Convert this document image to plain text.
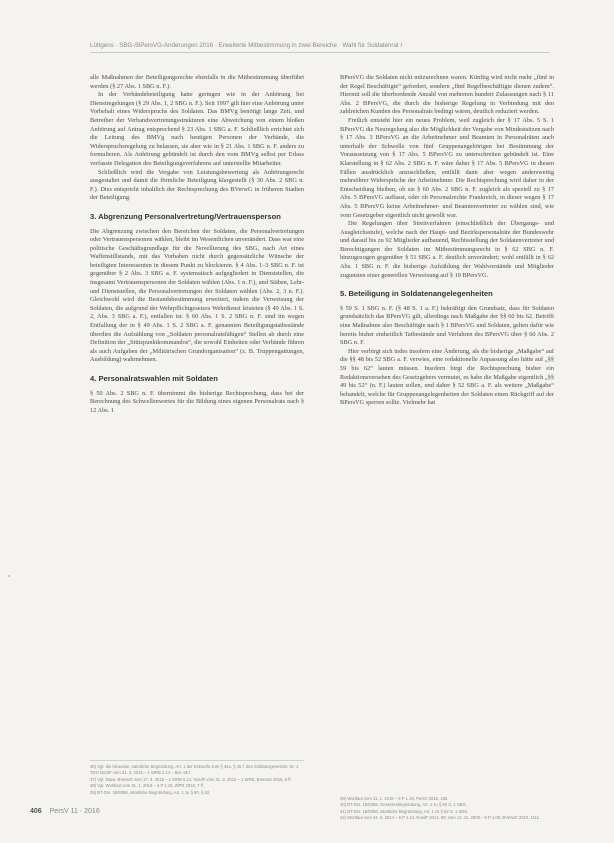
Lüttgens · SBG-/BPersVG-Änderungen 2016 · Erweiterte Mitbestimmung in zwei Bereiche · Wahl für Soldatenrat I

alle Maßnahmen der Beteiligungsrechte ebenfalls in die Mitbestimmung überführt werden (§ 27 Abs. 1 SBG n. F.).

In der Verbändebeteiligung hatte geringen wie in der Anhörung bei Dienstregelungen (§ 29 Abs. 1, 2 SBG n. F.). Seit 1997 gilt hier eine Anhörung unter Vorbehalt eines Widerspruchs des Soldaten. Das BMVg benötigt lange Zeit, und Betreiber der Verbandsvertretungsstrukturen eine Abweichung von einem bloßen Anhörung auf Antrag entsprechend § 23 Abs. 1 SBG a. F. Schließlich errichtet sich die Leitung des BMVg nach heutigen Personen der Verbände, die Widerspruchsregelung zu belassen, sie aber wie in § 21 Abs. 1 SBG n. F. anders zu formulieren. Als Anhörung gebündelt ist durch den vom BMVg selbst per Erlass verfasste Delegation des Beteiligungsverfahrens auf unterstellte Mitarbeiter.

Schließlich wird die Vergabe von Leistungsbewertung als Anhörungsrecht ausgestaltet und damit die förmliche Beteiligung klargestellt (§ 30 Abs. 2 SBG n. F.). Dies entspricht inhaltlich der Rechtsprechung des BVerwG in früheren Stadien der Beteiligung.

3. Abgrenzung Personalvertretung/Vertrauensperson

Die Abgrenzung zwischen den Bereichen der Soldaten, die Personalvertretungen oder Vertrauenspersonen wählen, bleibt im Wesentlichen unverändert. Dass war eine politische Geschäftsgrundlage für die Novellierung des SBG, nach Art eines Waffenstillstands, mit das Vorhaben nicht durch gegensätzliche Wünsche der beteiligten Interessenten in diesem Punkt zu blockieren. § 4 Abs. 1–3 SBG n. F. ist gegenüber § 2 Abs. 3 SBG a. F. systematisch aufgegliedert in Dienststellen, die insgesamt Vertrauenspersonen der Soldaten wählen (Abs. 1 n. F.), und Stäben, Lehr- und Dienststellen, die Personalvertretungen der Soldaten wählen (Abs. 2, 3 n. F.). Gleichwohl wird die Bestandsbestimmung erweitert, indem die Verweisung der Soldaten, die aufgrund der Wehrpflichtgesetzes Wehrdienst leisteten (§ 49 Abs. 1 S. 2, Abs. 3 SBG a. F.), entfallen ist. § 60 Abs. 1 S. 2 SBG n. F. sind im wegen Entfallung der in § 49 Abs. 1 S. 2 SBG a. F. genannten Beteiligungstatbestände überdies die Aufzählung von „Soldaten personalratsfähigen“ Stellen ab durch eine Definition der „Stützpunktkommandos“, die sowohl Einheiten oder Verbände führen als auch Aufgaben der „Militärischen Grundorganisation“ (z. B. Truppengattungen, Ausbildung) wahrnehmen.

4. Personalratswahlen mit Soldaten

§ 50 Abs. 2 SBG n. F. übernimmt die bisherige Rechtsprechung, dass bei der Berechnung des Schwellenwertes für die Bildung eines eigenen Personalrats nach § 12 Abs. 1

BPersVG die Soldaten nicht mitzurechnen waren. Künftig wird nicht mehr „fünf in der Regel Beschäftigte“ gefordert, sondern „fünf Regelbeschäftigte dienen zudem“. Hiermit soll die überbordende Anzahl von mehreren hundert Zulassungen nach § 11 Abs. 2 BPersVG, die durch die bisherige Regelung in Verbindung mit den zahlreichen Kunden des Personalrats bedingt wären, deutlich reduziert werden.

Freilich entsteht hier ein neues Problem, weil zugleich der § 17 Abs. 5 S. 1 BPersVG die Neuregelung also die Möglichkeit der Vergabe von Mindestsitzen nach § 17 Abs. 3 BPersVG an die Arbeitnehmer und Beamten in Personalräten auch unterhalb der Schwelle von fünf Gruppenangehörigen bei Bestimmung der Voraussetzung von § 17 Abs. 5 BPersVG zu unterschreiten gebündelt ist. Eine Klarstellung in § 62 Abs. 2 SBG n. F. wäre daher § 17 Abs. 5 BPersVG in diesen Fällen ausdrücklich anzuschließen, entfällt dann aber wegen andersweitig mehrsöhrer Widersprüche der Arbeitnehmer. Die Rechtsprechung wird daher in der Entscheidung bleiben, ob sie § 60 Abs. 2 SBG n. F. zugleich als speziell zu § 17 Abs. 5 BPersVG auffasst, oder ob Personalrechte Frankreich, in dieser wegen § 17 Abs. 5 BPersVG keine Arbeitnehmer- und Beamtenvertreter zu wählen sind, wie vom Gesetzgeber eigentlich nicht gewollt war.

Die Regelungen über Streitverfahren (einschließlich der Übergangs- und Ausgleichsstufe), welche nach der Haupt- und Bezirkspersonalräte der Bundeswehr und darauf bis zu 92 Mitglieder aufbauend, Rechtsstellung der Soldatenvertreter und Berechtigungen der Soldaten im Mitbestimmungsrecht in § 62 SBG n. F. hinzugezogen gegenüber § 51 SBG a. F. deutlich unverändert; wohl entfällt in § 62 Abs. 1 SBG n. F. die bisherige Aufzählung der Wahlvorstände und Mitglieder zugunsten einer generellen Verweisung auf § 19 BPersVG.

5. Beteiligung in Soldatenangelegenheiten

§ 59 S. 1 SBG n. F. (§ 48 S. 1 a. F.) bekräftigt den Grundsatz, dass für Soldaten grundsätzlich das BPersVG gilt, allerdings nach Maßgabe der §§ 60 bis 62. Betrifft eine Maßnahme also Beschäftigte nach § 1 BPersVG und Soldaten, gelten dafür wie bereits bisher einheitlich Tatbestände und Verfahren des BPersVG über § 60 Abs. 2 SBG n. F.

Hier verbirgt sich indes insofern eine Änderung, als die bisherige „Maßgabe“ auf die §§ 48 bis 52 SBG a. F. verwies, eine redaktionelle Anpassung also hätte auf „§§ 59 bis 62“ lauten müssen. Insofern birgt die Rechtsprechung bisher ein Redaktionsversehen des Gesetzgebers vermutet, es habe die Maßgabe eigentlich „§§ 49 bis 52“ (n. F.) lauten sollen, und daher § 52 SBG a. F. als weitere „Maßgabe“ behandelt, welche für Gruppenangelegenheiten der Soldaten einen Rückgriff auf der BPersVG sperren sollte. Vielmehr hat

36) Vgl. die Hinweise, sämtliche Begründung, Art. 1 der Entwurfs zum § 44a, § 45 f. des Soldatengesetzes; Nr. 1 TDG NordF vom 31. 3. 2015 – 1 WRB 2.14 – Ber. 55 f.
37) Vgl. bspw. BVerwG vom 17. 3. 2015 – 1 WRB 6.14, NordF vom 31. 3. 2015 – 1 WRB, BVerwG 2016, 5 ff.
38) Vgl. Wortlaut vom 31. 1. 2016 – 4 P 1.15, ZfPR 2016, 7 ff.
39) BT-Drs. 18/8298, sämtliche Begründung, Art. 1 zu § 60, § 62.
39) Wortlaut vom 11. 1. 2016 – 6 P 1.15, PersV 2016, 185.
40) BT-Drs. 18/8298, Gesetzesbegründung, Art. 1 zu § 60 S. 1 SBG.
41) BT-Drs. 18/8298, sämtliche Begründung, Art. 1 zu § 62 S. 1 SBG.
42) Wortlaut vom 24. 6. 2014 – 6 P 1.14, NordF 2014, 86; vom 12. 11. 2009 – 6 P 1.09, BVerwG 2010, 1111.
406 PersV 11 · 2016
